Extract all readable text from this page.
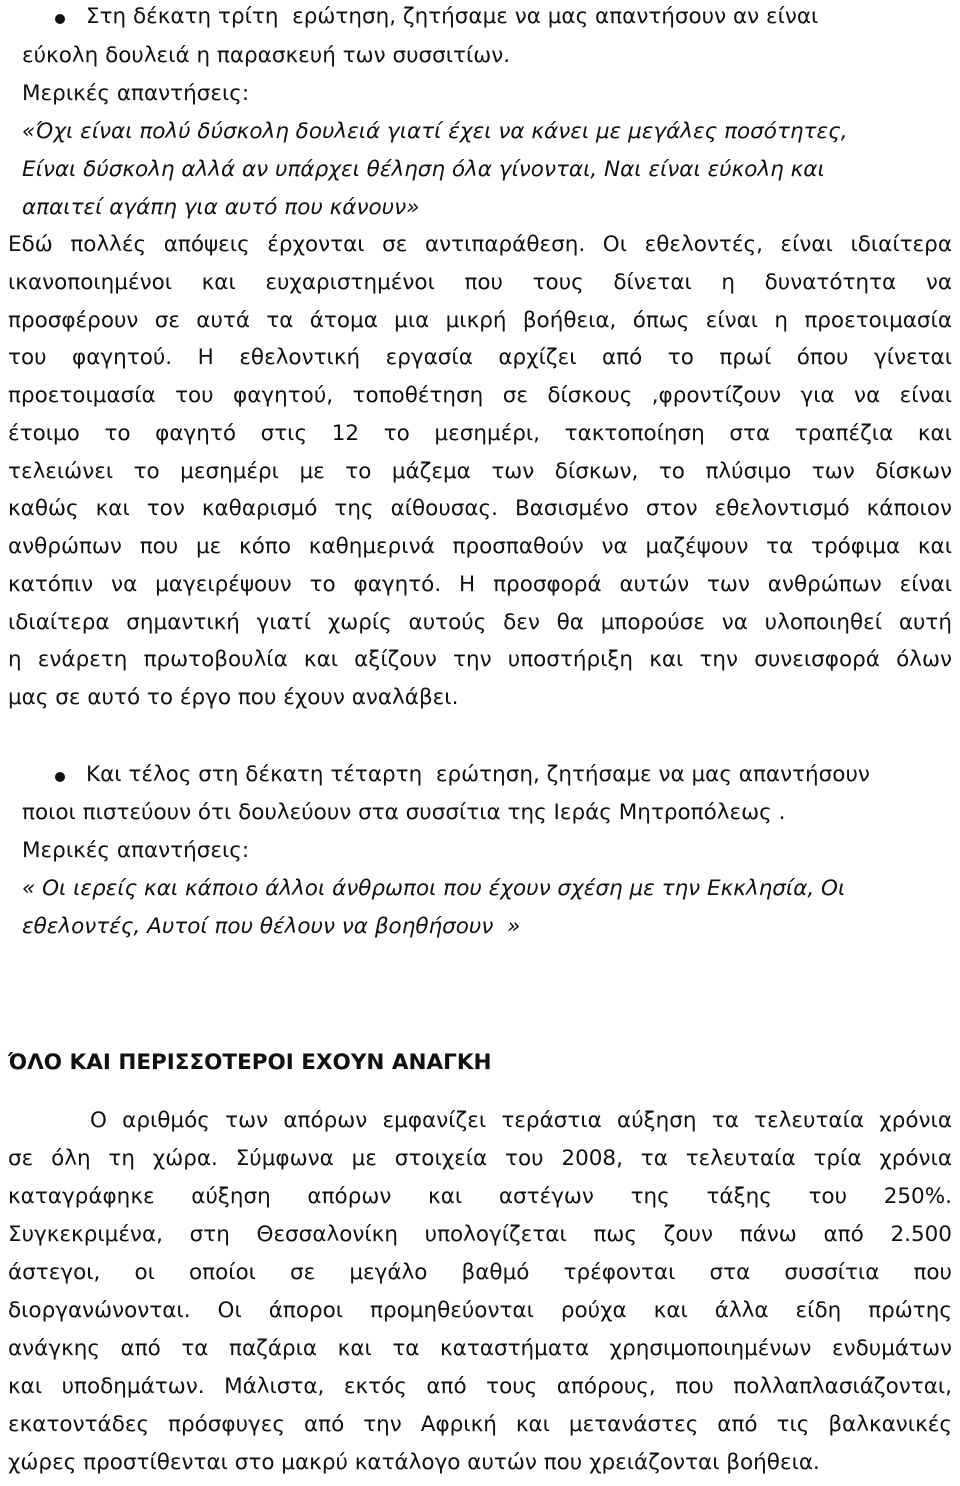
Στη δέκατη τρίτη  ερώτηση, ζητήσαμε να μας απαντήσουν αν είναι
εύκολη δουλειά η παρασκευή των συσσιτίων.
Μερικές απαντήσεις:
«Όχι είναι πολύ δύσκολη δουλειά γιατί έχει να κάνει με μεγάλες ποσότητες,
Είναι δύσκολη αλλά αν υπάρχει θέληση όλα γίνονται, Ναι είναι εύκολη και
απαιτεί αγάπη για αυτό που κάνουν»
Εδώ πολλές απόψεις έρχονται σε αντιπαράθεση. Οι εθελοντές, είναι ιδιαίτερα
ικανοποιημένοι και ευχαριστημένοι που τους δίνεται η δυνατότητα να
προσφέρουν σε αυτά τα άτομα μια μικρή βοήθεια, όπως είναι η προετοιμασία
του φαγητού. Η εθελοντική εργασία αρχίζει από το πρωί όπου γίνεται
προετοιμασία του φαγητού, τοποθέτηση σε δίσκους ,φροντίζουν για να είναι
έτοιμο το φαγητό στις 12 το μεσημέρι, τακτοποίηση στα τραπέζια και
τελειώνει το μεσημέρι με το μάζεμα των δίσκων, το πλύσιμο των δίσκων
καθώς και τον καθαρισμό της αίθουσας. Βασισμένο στον εθελοντισμό κάποιον
ανθρώπων που με κόπο καθημερινά προσπαθούν να μαζέψουν τα τρόφιμα και
κατόπιν να μαγειρέψουν το φαγητό. Η προσφορά αυτών των ανθρώπων είναι
ιδιαίτερα σημαντική γιατί χωρίς αυτούς δεν θα μπορούσε να υλοποιηθεί αυτή
η ενάρετη πρωτοβουλία και αξίζουν την υποστήριξη και την συνεισφορά όλων
μας σε αυτό το έργο που έχουν αναλάβει.
Και τέλος στη δέκατη τέταρτη  ερώτηση, ζητήσαμε να μας απαντήσουν
ποιοι πιστεύουν ότι δουλεύουν στα συσσίτια της Ιεράς Μητροπόλεως .
Μερικές απαντήσεις:
« Οι ιερείς και κάποιο άλλοι άνθρωποι που έχουν σχέση με την Εκκλησία, Οι
εθελοντές, Αυτοί που θέλουν να βοηθήσουν  »
ΌΛΟ ΚΑΙ ΠΕΡΙΣΣΟΤΕΡΟΙ ΕΧΟΥΝ ΑΝΑΓΚΗ
Ο αριθμός των απόρων εμφανίζει τεράστια αύξηση τα τελευταία χρόνια
σε όλη τη χώρα. Σύμφωνα με στοιχεία του 2008, τα τελευταία τρία χρόνια
καταγράφηκε αύξηση απόρων και αστέγων της τάξης του 250%.
Συγκεκριμένα, στη Θεσσαλονίκη υπολογίζεται πως ζουν πάνω από 2.500
άστεγοι, οι οποίοι σε μεγάλο βαθμό τρέφονται στα συσσίτια που
διοργανώνονται. Οι άποροι προμηθεύονται ρούχα και άλλα είδη πρώτης
ανάγκης από τα παζάρια και τα καταστήματα χρησιμοποιημένων ενδυμάτων
και υποδημάτων. Μάλιστα, εκτός από τους απόρους, που πολλαπλασιάζονται,
εκατοντάδες πρόσφυγες από την Αφρική και μετανάστες από τις βαλκανικές
χώρες προστίθενται στο μακρύ κατάλογο αυτών που χρειάζονται βοήθεια.
